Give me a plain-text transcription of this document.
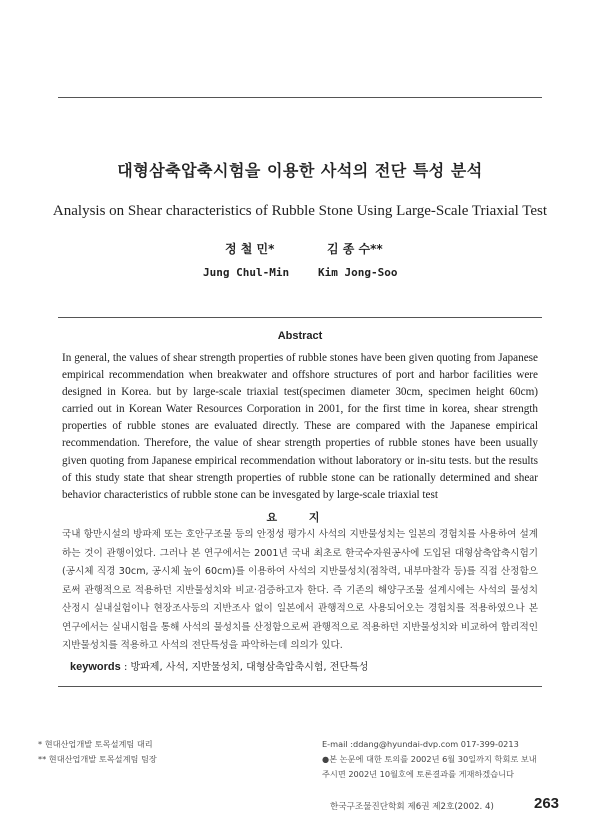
대형삼축압축시험을 이용한 사석의 전단 특성 분석
Analysis on Shear characteristics of Rubble Stone Using Large-Scale Triaxial Test
정 철 민*	김 종 수**
Jung Chul-Min	Kim Jong-Soo
Abstract

In general, the values of shear strength properties of rubble stones have been given quoting from Japanese empirical recommendation when breakwater and offshore structures of port and harbor facilities were designed in Korea. but by large-scale triaxial test(specimen diameter 30cm, specimen height 60cm) carried out in Korean Water Resources Corporation in 2001, for the first time in korea, shear strength properties of rubble stones are evaluated directly. These are compared with the Japanese empirical recommendation. Therefore, the value of shear strength properties of rubble stones have been usually given quoting from Japanese empirical recommendation without laboratory or in-situ tests. but the results of this study state that shear strength properties of rubble stone can be rationally determined and shear behavior characteristics of rubble stone can be invesgated by large-scale triaxial test

요 지

국내 항만시설의 방파제 또는 호안구조물 등의 안정성 평가시 사석의 지반물성치는 일본의 경험치를 사용하여 설계하는 것이 관행이었다. 그러나 본 연구에서는 2001년 국내 최초로 한국수자원공사에 도입된 대형삼축압축시험기(공시체 직경 30cm, 공시체 높이 60cm)를 이용하여 사석의 지반물성치(점착력, 내부마찰각 등)를 직접 산정함으로써 관행적으로 적용하던 지반물성치와 비교·검증하고자 한다. 즉 기존의 해양구조물 설계시에는 사석의 물성치 산정시 실내실험이나 현장조사등의 지반조사 없이 일본에서 관행적으로 사용되어오는 경험치를 적용하였으나 본 연구에서는 실내시험을 통해 사석의 물성치를 산정함으로써 관행적으로 적용하던 지반물성치와 비교하여 합리적인 지반물성치를 적용하고 사석의 전단특성을 파악하는데 의의가 있다.

keywords : 방파제, 사석, 지반물성치, 대형삼축압축시험, 전단특성
* 현대산업개발 토목설계팀 대리
** 현대산업개발 토목설계팀 팀장
E-mail :ddang@hyundai-dvp.com 017-399-0213
●본 논문에 대한 토의를 2002년 6월 30일까지 학회로 보내
주시면 2002년 10월호에 토론결과를 게재하겠습니다
한국구조물진단학회 제6권 제2호(2002. 4)	263
